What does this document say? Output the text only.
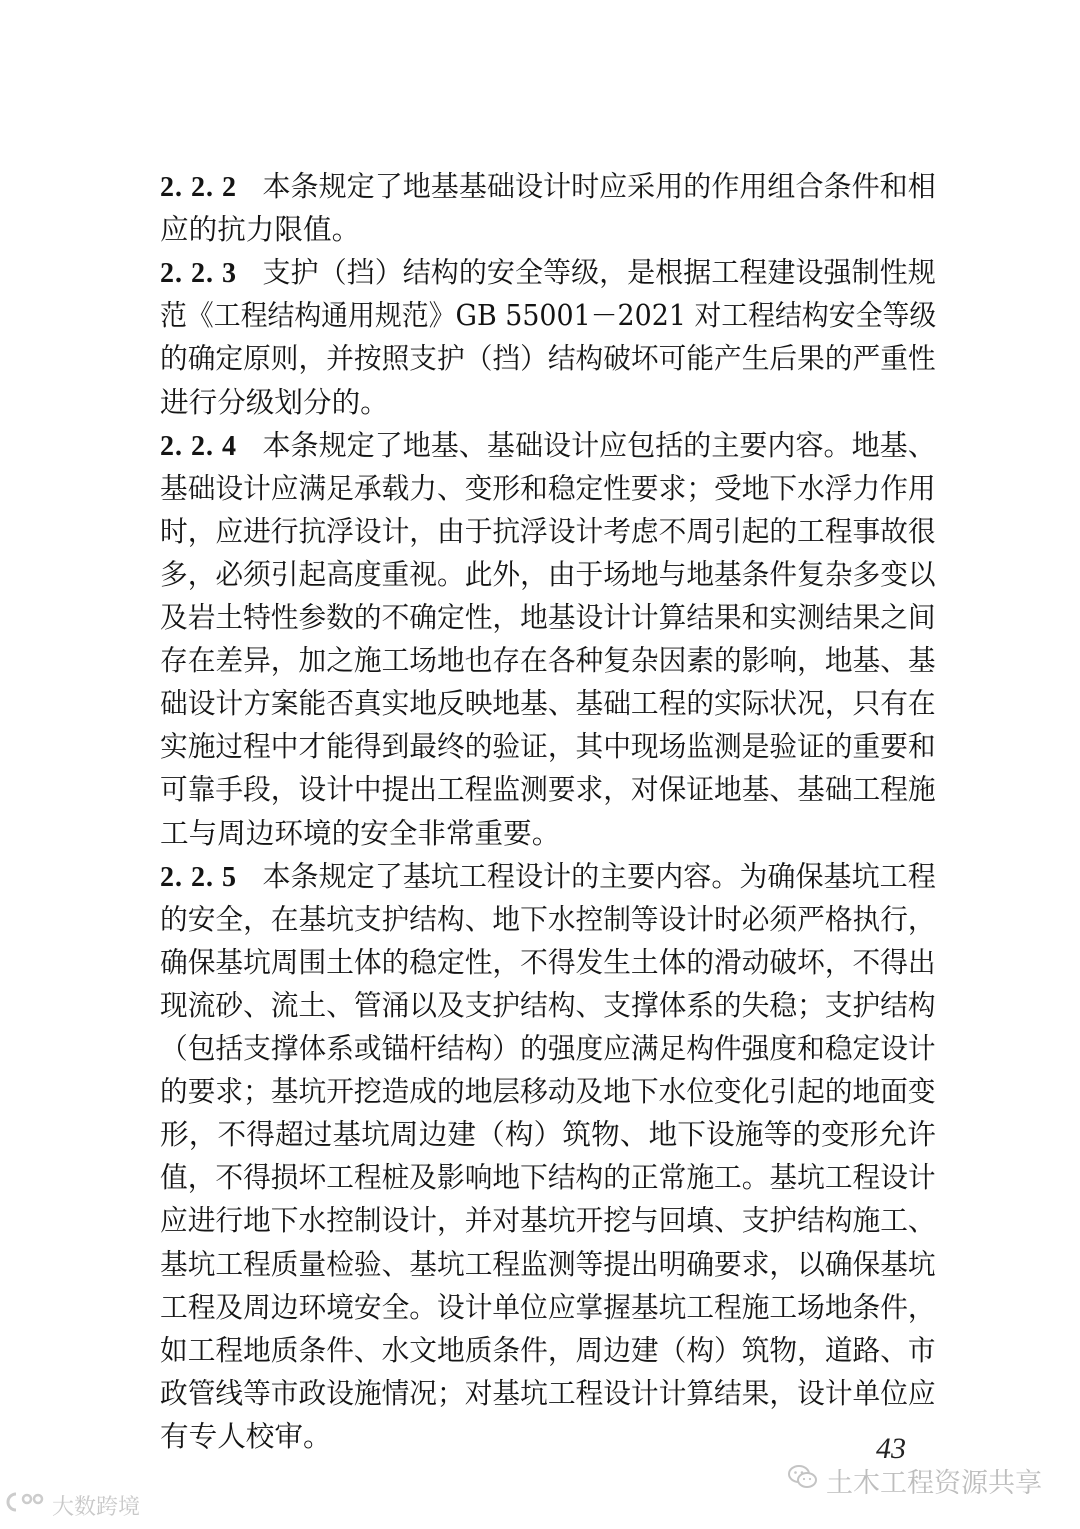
2. 2. 2 本条规定了地基基础设计时应采用的作用组合条件和相
应的抗力限值。
2. 2. 3 支护（挡）结构的安全等级，是根据工程建设强制性规
范《工程结构通用规范》GB 55001－2021 对工程结构安全等级
的确定原则，并按照支护（挡）结构破坏可能产生后果的严重性
进行分级划分的。
2. 2. 4 本条规定了地基、基础设计应包括的主要内容。地基、
基础设计应满足承载力、变形和稳定性要求；受地下水浮力作用
时，应进行抗浮设计，由于抗浮设计考虑不周引起的工程事故很
多，必须引起高度重视。此外，由于场地与地基条件复杂多变以
及岩土特性参数的不确定性，地基设计计算结果和实测结果之间
存在差异，加之施工场地也存在各种复杂因素的影响，地基、基
础设计方案能否真实地反映地基、基础工程的实际状况，只有在
实施过程中才能得到最终的验证，其中现场监测是验证的重要和
可靠手段，设计中提出工程监测要求，对保证地基、基础工程施
工与周边环境的安全非常重要。
2. 2. 5 本条规定了基坑工程设计的主要内容。为确保基坑工程
的安全，在基坑支护结构、地下水控制等设计时必须严格执行，
确保基坑周围土体的稳定性，不得发生土体的滑动破坏，不得出
现流砂、流土、管涌以及支护结构、支撑体系的失稳；支护结构
（包括支撑体系或锚杆结构）的强度应满足构件强度和稳定设计
的要求；基坑开挖造成的地层移动及地下水位变化引起的地面变
形，不得超过基坑周边建（构）筑物、地下设施等的变形允许
值，不得损坏工程桩及影响地下结构的正常施工。基坑工程设计
应进行地下水控制设计，并对基坑开挖与回填、支护结构施工、
基坑工程质量检验、基坑工程监测等提出明确要求，以确保基坑
工程及周边环境安全。设计单位应掌握基坑工程施工场地条件，
如工程地质条件、水文地质条件，周边建（构）筑物，道路、市
政管线等市政设施情况；对基坑工程设计计算结果，设计单位应
有专人校审。	43
土木工程资源共享
大数跨境
